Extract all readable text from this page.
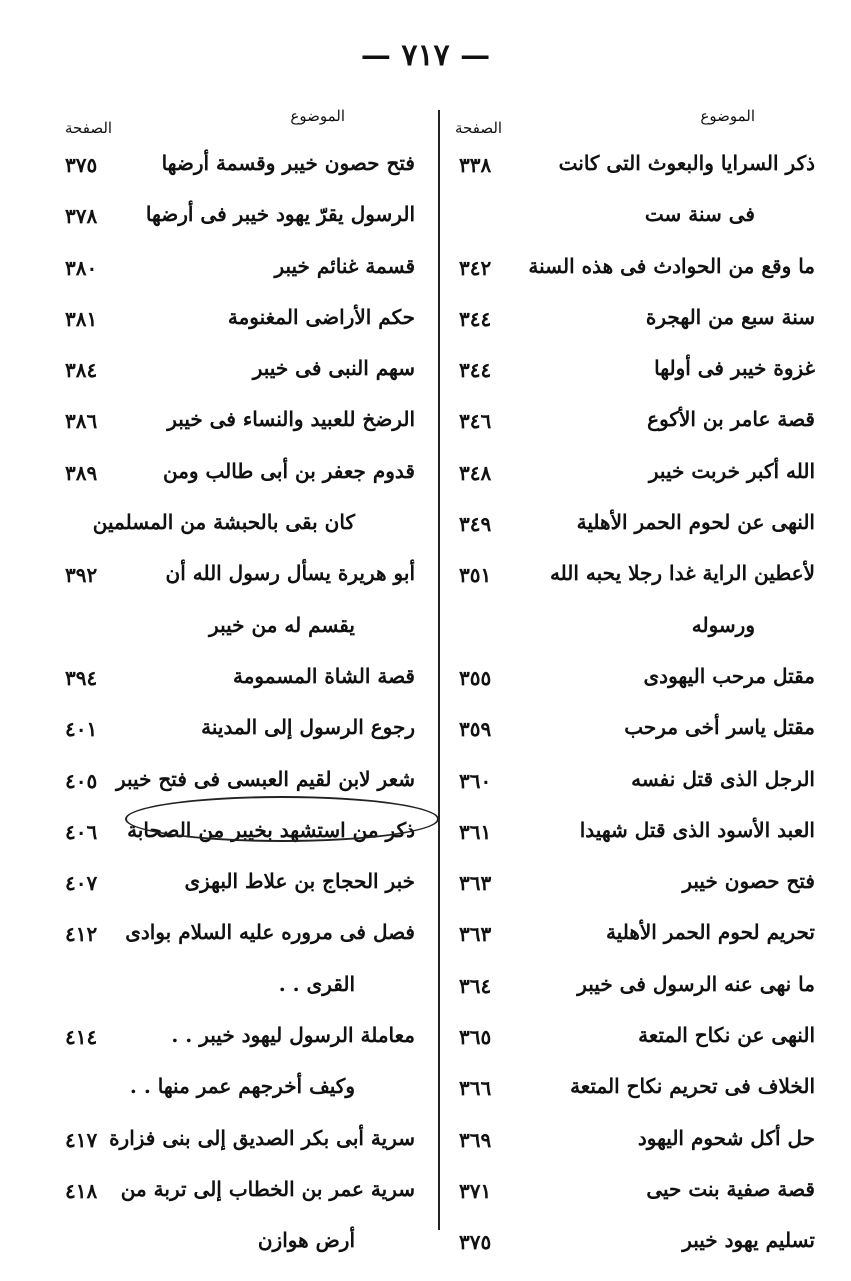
— ٧١٧ —
الموضوع
الصفحة
ذكر السرايا والبعوث التى كانت
٣٣٨
فى سنة ست
ما وقع من الحوادث فى هذه السنة
٣٤٢
سنة سبع من الهجرة
٣٤٤
غزوة خيبر فى أولها
٣٤٤
قصة عامر بن الأكوع
٣٤٦
الله أكبر خربت خيبر
٣٤٨
النهى عن لحوم الحمر الأهلية
٣٤٩
لأعطين الراية غدا رجلا يحبه الله
٣٥١
ورسوله
مقتل مرحب اليهودى
٣٥٥
مقتل ياسر أخى مرحب
٣٥٩
الرجل الذى قتل نفسه
٣٦٠
العبد الأسود الذى قتل شهيدا
٣٦١
فتح حصون خيبر
٣٦٣
تحريم لحوم الحمر الأهلية
٣٦٣
ما نهى عنه الرسول فى خيبر
٣٦٤
النهى عن نكاح المتعة
٣٦٥
الخلاف فى تحريم نكاح المتعة
٣٦٦
حل أكل شحوم اليهود
٣٦٩
قصة صفية بنت حيى
٣٧١
تسليم يهود خيبر
٣٧٥
الموضوع
الصفحة
فتح حصون خيبر وقسمة أرضها
٣٧٥
الرسول يقرّ يهود خيبر فى أرضها
٣٧٨
قسمة غنائم خيبر
٣٨٠
حكم الأراضى المغنومة
٣٨١
سهم النبى فى خيبر
٣٨٤
الرضخ للعبيد والنساء فى خيبر
٣٨٦
قدوم جعفر بن أبى طالب ومن
٣٨٩
كان بقى بالحبشة من المسلمين
أبو هريرة يسأل رسول الله أن
٣٩٢
يقسم له من خيبر
قصة الشاة المسمومة
٣٩٤
رجوع الرسول إلى المدينة
٤٠١
شعر لابن لقيم العبسى فى فتح خيبر
٤٠٥
ذكر من استشهد بخيبر من الصحابة
٤٠٦
خبر الحجاج بن علاط البهزى
٤٠٧
فصل فى مروره عليه السلام بوادى
٤١٢
القرى . .
معاملة الرسول ليهود خيبر . .
٤١٤
وكيف أخرجهم عمر منها . .
سرية أبى بكر الصديق إلى بنى فزارة
٤١٧
سرية عمر بن الخطاب إلى تربة من
٤١٨
أرض هوازن
